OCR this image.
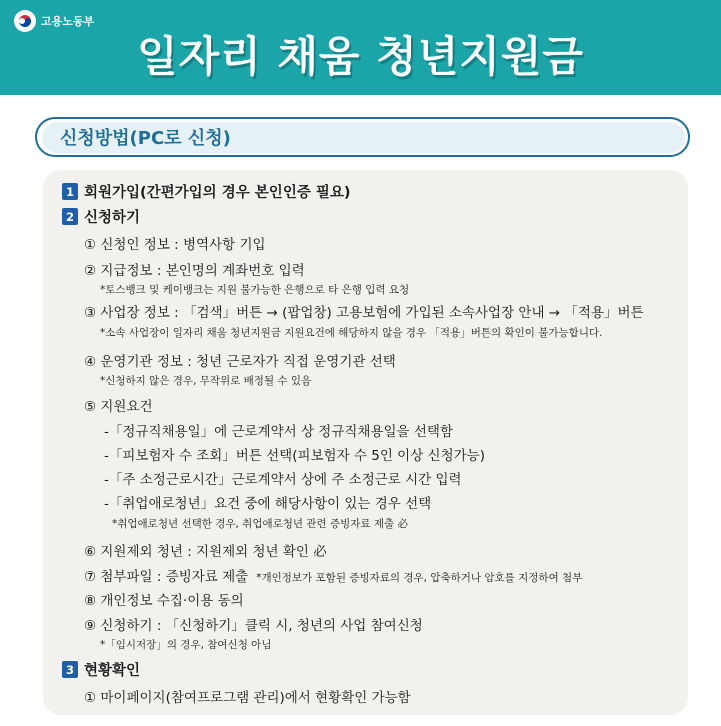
고용노동부
일자리 채움 청년지원금
신청방법(PC로 신청)
1 회원가입(간편가입의 경우 본인인증 필요)
2 신청하기
① 신청인 정보 : 병역사항 기입
② 지급정보 : 본인명의 계좌번호 입력
*토스뱅크 및 케이뱅크는 지원 불가능한 은행으로 타 은행 입력 요청
③ 사업장 정보 : 「검색」버튼 → (팝업창) 고용보험에 가입된 소속사업장 안내 → 「적용」버튼
*소속 사업장이 일자리 채움 청년지원금 지원요건에 해당하지 않을 경우 「적용」버튼의 확인이 불가능합니다.
④ 운영기관 정보 : 청년 근로자가 직접 운영기관 선택
*신청하지 않은 경우, 무작위로 배정될 수 있음
⑤ 지원요건
-「정규직채용일」에 근로계약서 상 정규직채용일을 선택함
-「피보험자 수 조회」버튼 선택(피보험자 수 5인 이상 신청가능)
-「주 소정근로시간」근로계약서 상에 주 소정근로 시간 입력
-「취업애로청년」요건 중에 해당사항이 있는 경우 선택
*취업애로청년 선택한 경우, 취업애로청년 관련 증빙자료 제출 必
⑥ 지원제외 청년 : 지원제외 청년 확인 必
⑦ 첨부파일 : 증빙자료 제출 *개인정보가 포함된 증빙자료의 경우, 압축하거나 암호를 지정하여 첨부
⑧ 개인정보 수집·이용 동의
⑨ 신청하기 : 「신청하기」클릭 시, 청년의 사업 참여신청
*「임시저장」의 경우, 참여신청 아님
3 현황확인
① 마이페이지(참여프로그램 관리)에서 현황확인 가능함
